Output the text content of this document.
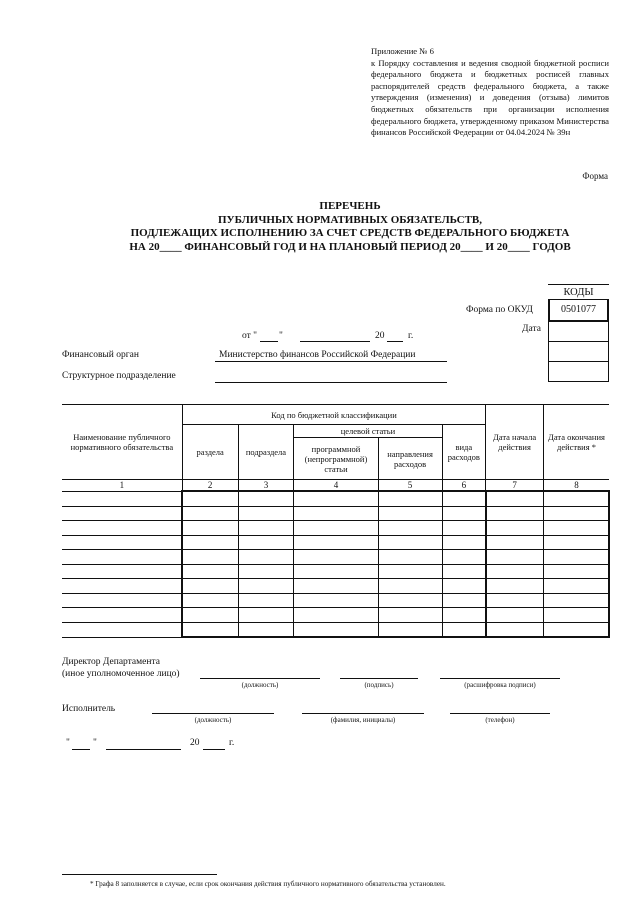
Приложение № 6
к Порядку составления и ведения сводной бюджетной росписи федерального бюджета и бюджетных росписей главных распорядителей средств федерального бюджета, а также утверждения (изменения) и доведения (отзыва) лимитов бюджетных обязательств при организации исполнения федерального бюджета, утвержденному приказом Министерства финансов Российской Федерации от 04.04.2024 № 39н
Форма
ПЕРЕЧЕНЬ
ПУБЛИЧНЫХ НОРМАТИВНЫХ ОБЯЗАТЕЛЬСТВ,
ПОДЛЕЖАЩИХ ИСПОЛНЕНИЮ ЗА СЧЕТ СРЕДСТВ ФЕДЕРАЛЬНОГО БЮДЖЕТА
НА 20____ ФИНАНСОВЫЙ ГОД И НА ПЛАНОВЫЙ ПЕРИОД 20____ И 20____ ГОДОВ
КОДЫ
0501077
Форма по ОКУД
Дата
от " "	20 г.
Финансовый орган	Министерство финансов Российской Федерации
Структурное подразделение
Наименование публичного нормативного обязательства	Код по бюджетной классификации					Дата начала действия	Дата окончания действия *
	раздела	подраздела	целевой статьи		вида расходов		
			программной (непрограммной) статьи	направления расходов			
1	2	3	4	5	6	7	8

Директор Департамента
(иное уполномоченное лицо)
(должность)	(подпись)	(расшифровка подписи)
Исполнитель
(должность)	(фамилия, инициалы)	(телефон)
" "	20	г.
* Графа 8 заполняется в случае, если срок окончания действия публичного нормативного обязательства установлен.
